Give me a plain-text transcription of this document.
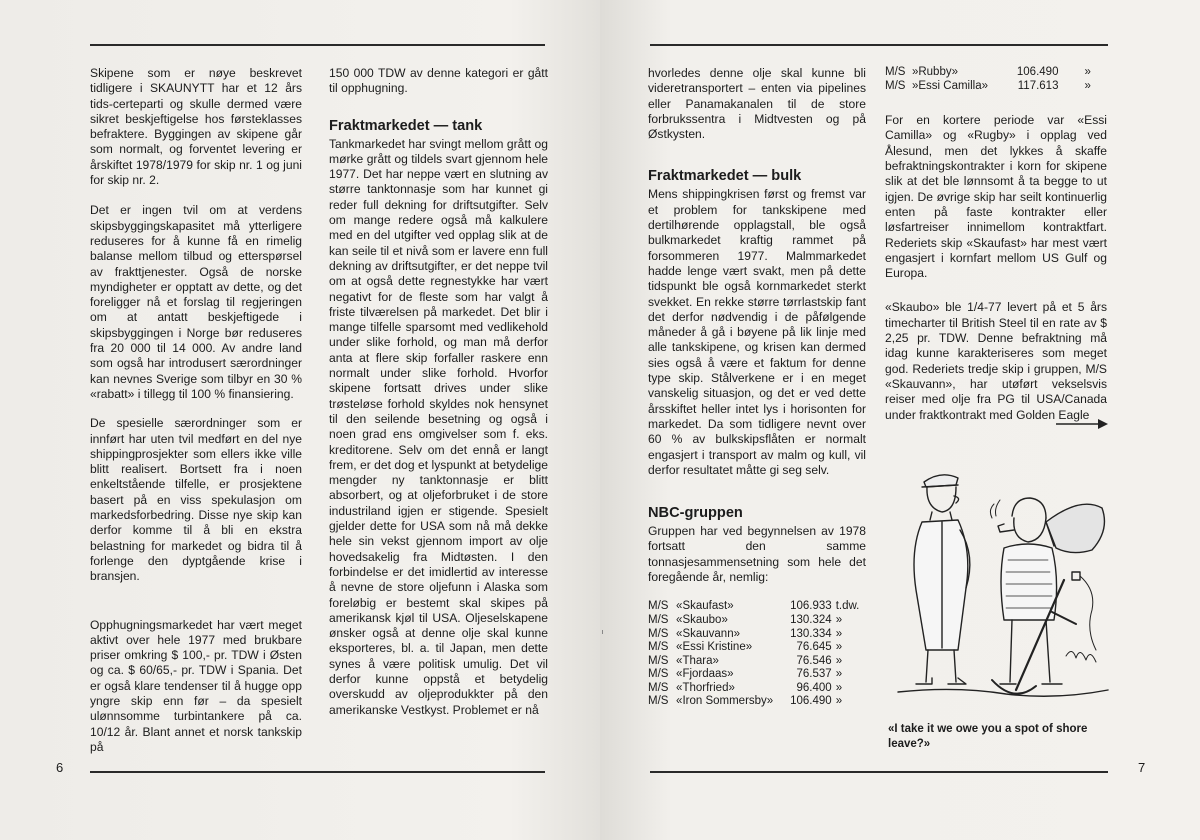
Skipene som er nøye beskrevet tidligere i SKAUNYTT har et 12 års tids-certeparti og skulle dermed være sikret beskjeftigelse hos førsteklasses befraktere. Byggingen av skipene går som normalt, og forventet levering er årskiftet 1978/1979 for skip nr. 1 og juni for skip nr. 2.

Det er ingen tvil om at verdens skipsbyggingskapasitet må ytterligere reduseres for å kunne få en rimelig balanse mellom tilbud og etterspørsel av frakttjenester. Også de norske myndigheter er opptatt av dette, og det foreligger nå et forslag til regjeringen om at antatt beskjeftigede i skipsbyggingen i Norge bør reduseres fra 20 000 til 14 000. Av andre land som også har introdusert særordninger kan nevnes Sverige som tilbyr en 30 % «rabatt» i tillegg til 100 % finansiering.

De spesielle særordninger som er innført har uten tvil medført en del nye shippingprosjekter som ellers ikke ville blitt realisert. Bortsett fra i noen enkeltstående tilfelle, er prosjektene basert på en viss spekulasjon om markedsforbedring. Disse nye skip kan derfor komme til å bli en ekstra belastning for markedet og bidra til å forlenge den dyptgående krise i bransjen.

Opphugningsmarkedet har vært meget aktivt over hele 1977 med brukbare priser omkring $ 100,- pr. TDW i Østen og ca. $ 60/65,- pr. TDW i Spania. Det er også klare tendenser til å hugge opp yngre skip enn før – da spesielt ulønnsomme turbintankere på ca. 10/12 år. Blant annet et norsk tankskip på

150 000 TDW av denne kategori er gått til opphugning.

Fraktmarkedet — tank

Tankmarkedet har svingt mellom grått og mørke grått og tildels svart gjennom hele 1977. Det har neppe vært en slutning av større tanktonnasje som har kunnet gi reder full dekning for driftsutgifter. Selv om mange redere også må kalkulere med en del utgifter ved opplag slik at de kan seile til et nivå som er lavere enn full dekning av driftsutgifter, er det neppe tvil om at også dette regnestykke har vært negativt for de fleste som har valgt å friste tilværelsen på markedet. Det blir i mange tilfelle sparsomt med vedlikehold under slike forhold, og man må derfor anta at flere skip forfaller raskere enn normalt under slike forhold. Hvorfor skipene fortsatt drives under slike trøsteløse forhold skyldes nok hensynet til den seilende besetning og også i noen grad ens omgivelser som f. eks. kreditorene. Selv om det ennå er langt frem, er det dog et lyspunkt at betydelige mengder ny tanktonnasje er blitt absorbert, og at oljeforbruket i de store industriland igjen er stigende. Spesielt gjelder dette for USA som nå må dekke hele sin vekst gjennom import av olje hovedsakelig fra Midtøsten. I den forbindelse er det imidlertid av interesse å nevne de store oljefunn i Alaska som foreløbig er bestemt skal skipes på amerikansk kjøl til USA. Oljeselskapene ønsker også at denne olje skal kunne eksporteres, bl. a. til Japan, men dette synes å være politisk umulig. Det vil derfor kunne oppstå et betydelig overskudd av oljeprodukkter på den amerikanske Vestkyst. Problemet er nå

6

hvorledes denne olje skal kunne bli videretransportert – enten via pipelines eller Panamakanalen til de store forbrukssentra i Midtvesten og på Østkysten.

Fraktmarkedet — bulk

Mens shippingkrisen først og fremst var et problem for tankskipene med dertilhørende opplagstall, ble også bulkmarkedet kraftig rammet på forsommeren 1977. Malmmarkedet hadde lenge vært svakt, men på dette tidspunkt ble også kornmarkedet sterkt svekket. En rekke større tørrlastskip fant det derfor nødvendig i de påfølgende måneder å gå i bøyene på lik linje med alle tankskipene, og krisen kan dermed sies også å være et faktum for denne type skip. Stålverkene er i en meget vanskelig situasjon, og det er ved dette årsskiftet heller intet lys i horisonten for markedet. Da som tidligere nevnt over 60 % av bulkskipsflåten er normalt engasjert i transport av malm og kull, vil derfor resultatet måtte gi seg selv.

NBC-gruppen

Gruppen har ved begynnelsen av 1978 fortsatt den samme tonnasjesammensetning som hele det foregående år, nemlig:

M/S	«Skaufast»	106.933	t.dw.
M/S	«Skaubo»	130.324	»
M/S	«Skauvann»	130.334	»
M/S	«Essi Kristine»	76.645	»
M/S	«Thara»	76.546	»
M/S	«Fjordaas»	76.537	»
M/S	«Thorfried»	96.400	»
M/S	«Iron Sommersby»	106.490	»
M/S	»Rubby»	106.490	»
M/S	»Essi Camilla»	117.613	»

For en kortere periode var «Essi Camilla» og «Rugby» i opplag ved Ålesund, men det lykkes å skaffe befraktningskontrakter i korn for skipene slik at det ble lønnsomt å ta begge to ut igjen. De øvrige skip har seilt kontinuerlig enten på faste kontrakter eller løsfartreiser innimellom kontraktfart. Rederiets skip «Skaufast» har mest vært engasjert i kornfart mellom US Gulf og Europa.

«Skaubo» ble 1/4-77 levert på et 5 års timecharter til British Steel til en rate av $ 2,25 pr. TDW. Denne befraktning må idag kunne karakteriseres som meget god. Rederiets tredje skip i gruppen, M/S «Skauvann», har utøført vekselsvis reiser med olje fra PG til USA/Canada under fraktkontrakt med Golden Eagle

«I take it we owe you a spot of shore leave?»
7
